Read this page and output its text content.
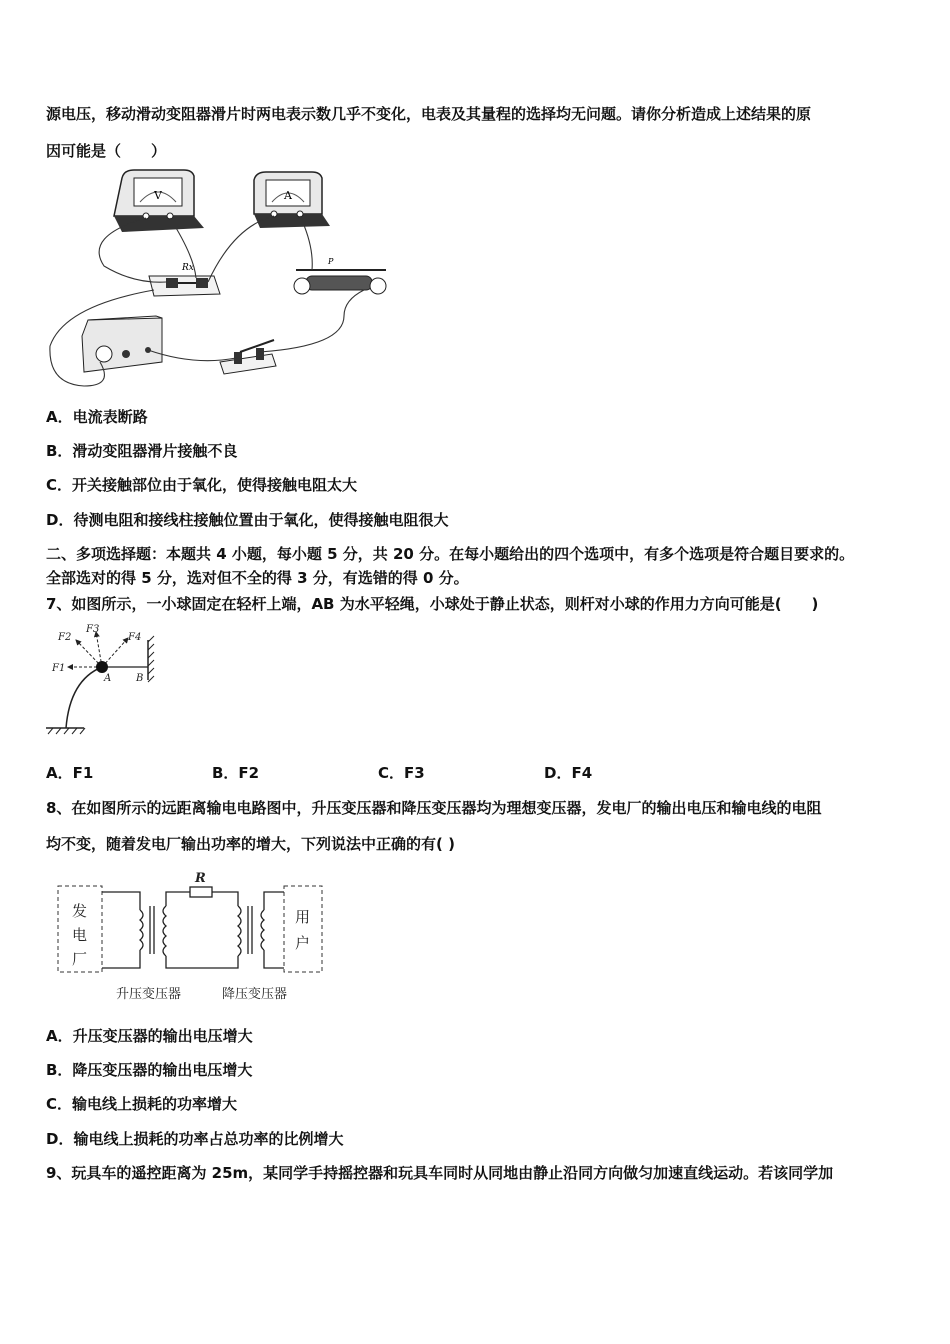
源电压，移动滑动变阻器滑片时两电表示数几乎不变化，电表及其量程的选择均无问题。请你分析造成上述结果的原
因可能是（　　）
V	A
Rx
P
A．电流表断路
B．滑动变阻器滑片接触不良
C．开关接触部位由于氧化，使得接触电阻太大
D．待测电阻和接线柱接触位置由于氧化，使得接触电阻很大
二、多项选择题：本题共 4 小题，每小题 5 分，共 20 分。在每小题给出的四个选项中，有多个选项是符合题目要求的。
全部选对的得 5 分，选对但不全的得 3 分，有选错的得 0 分。
7、如图所示，一小球固定在轻杆上端，AB 为水平轻绳，小球处于静止状态，则杆对小球的作用力方向可能是(　　)
F1
F2
F3
F4
A B
A．F1	B．F2	C．F3	D．F4
8、在如图所示的远距离输电电路图中，升压变压器和降压变压器均为理想变压器，发电厂的输出电压和输电线的电阻
均不变，随着发电厂输出功率的增大，下列说法中正确的有( )
发
电
厂
用
户
R
升压变压器	降压变压器
A．升压变压器的输出电压增大
B．降压变压器的输出电压增大
C．输电线上损耗的功率增大
D．输电线上损耗的功率占总功率的比例增大
9、玩具车的遥控距离为 25m，某同学手持摇控器和玩具车同时从同地由静止沿同方向做匀加速直线运动。若该同学加
